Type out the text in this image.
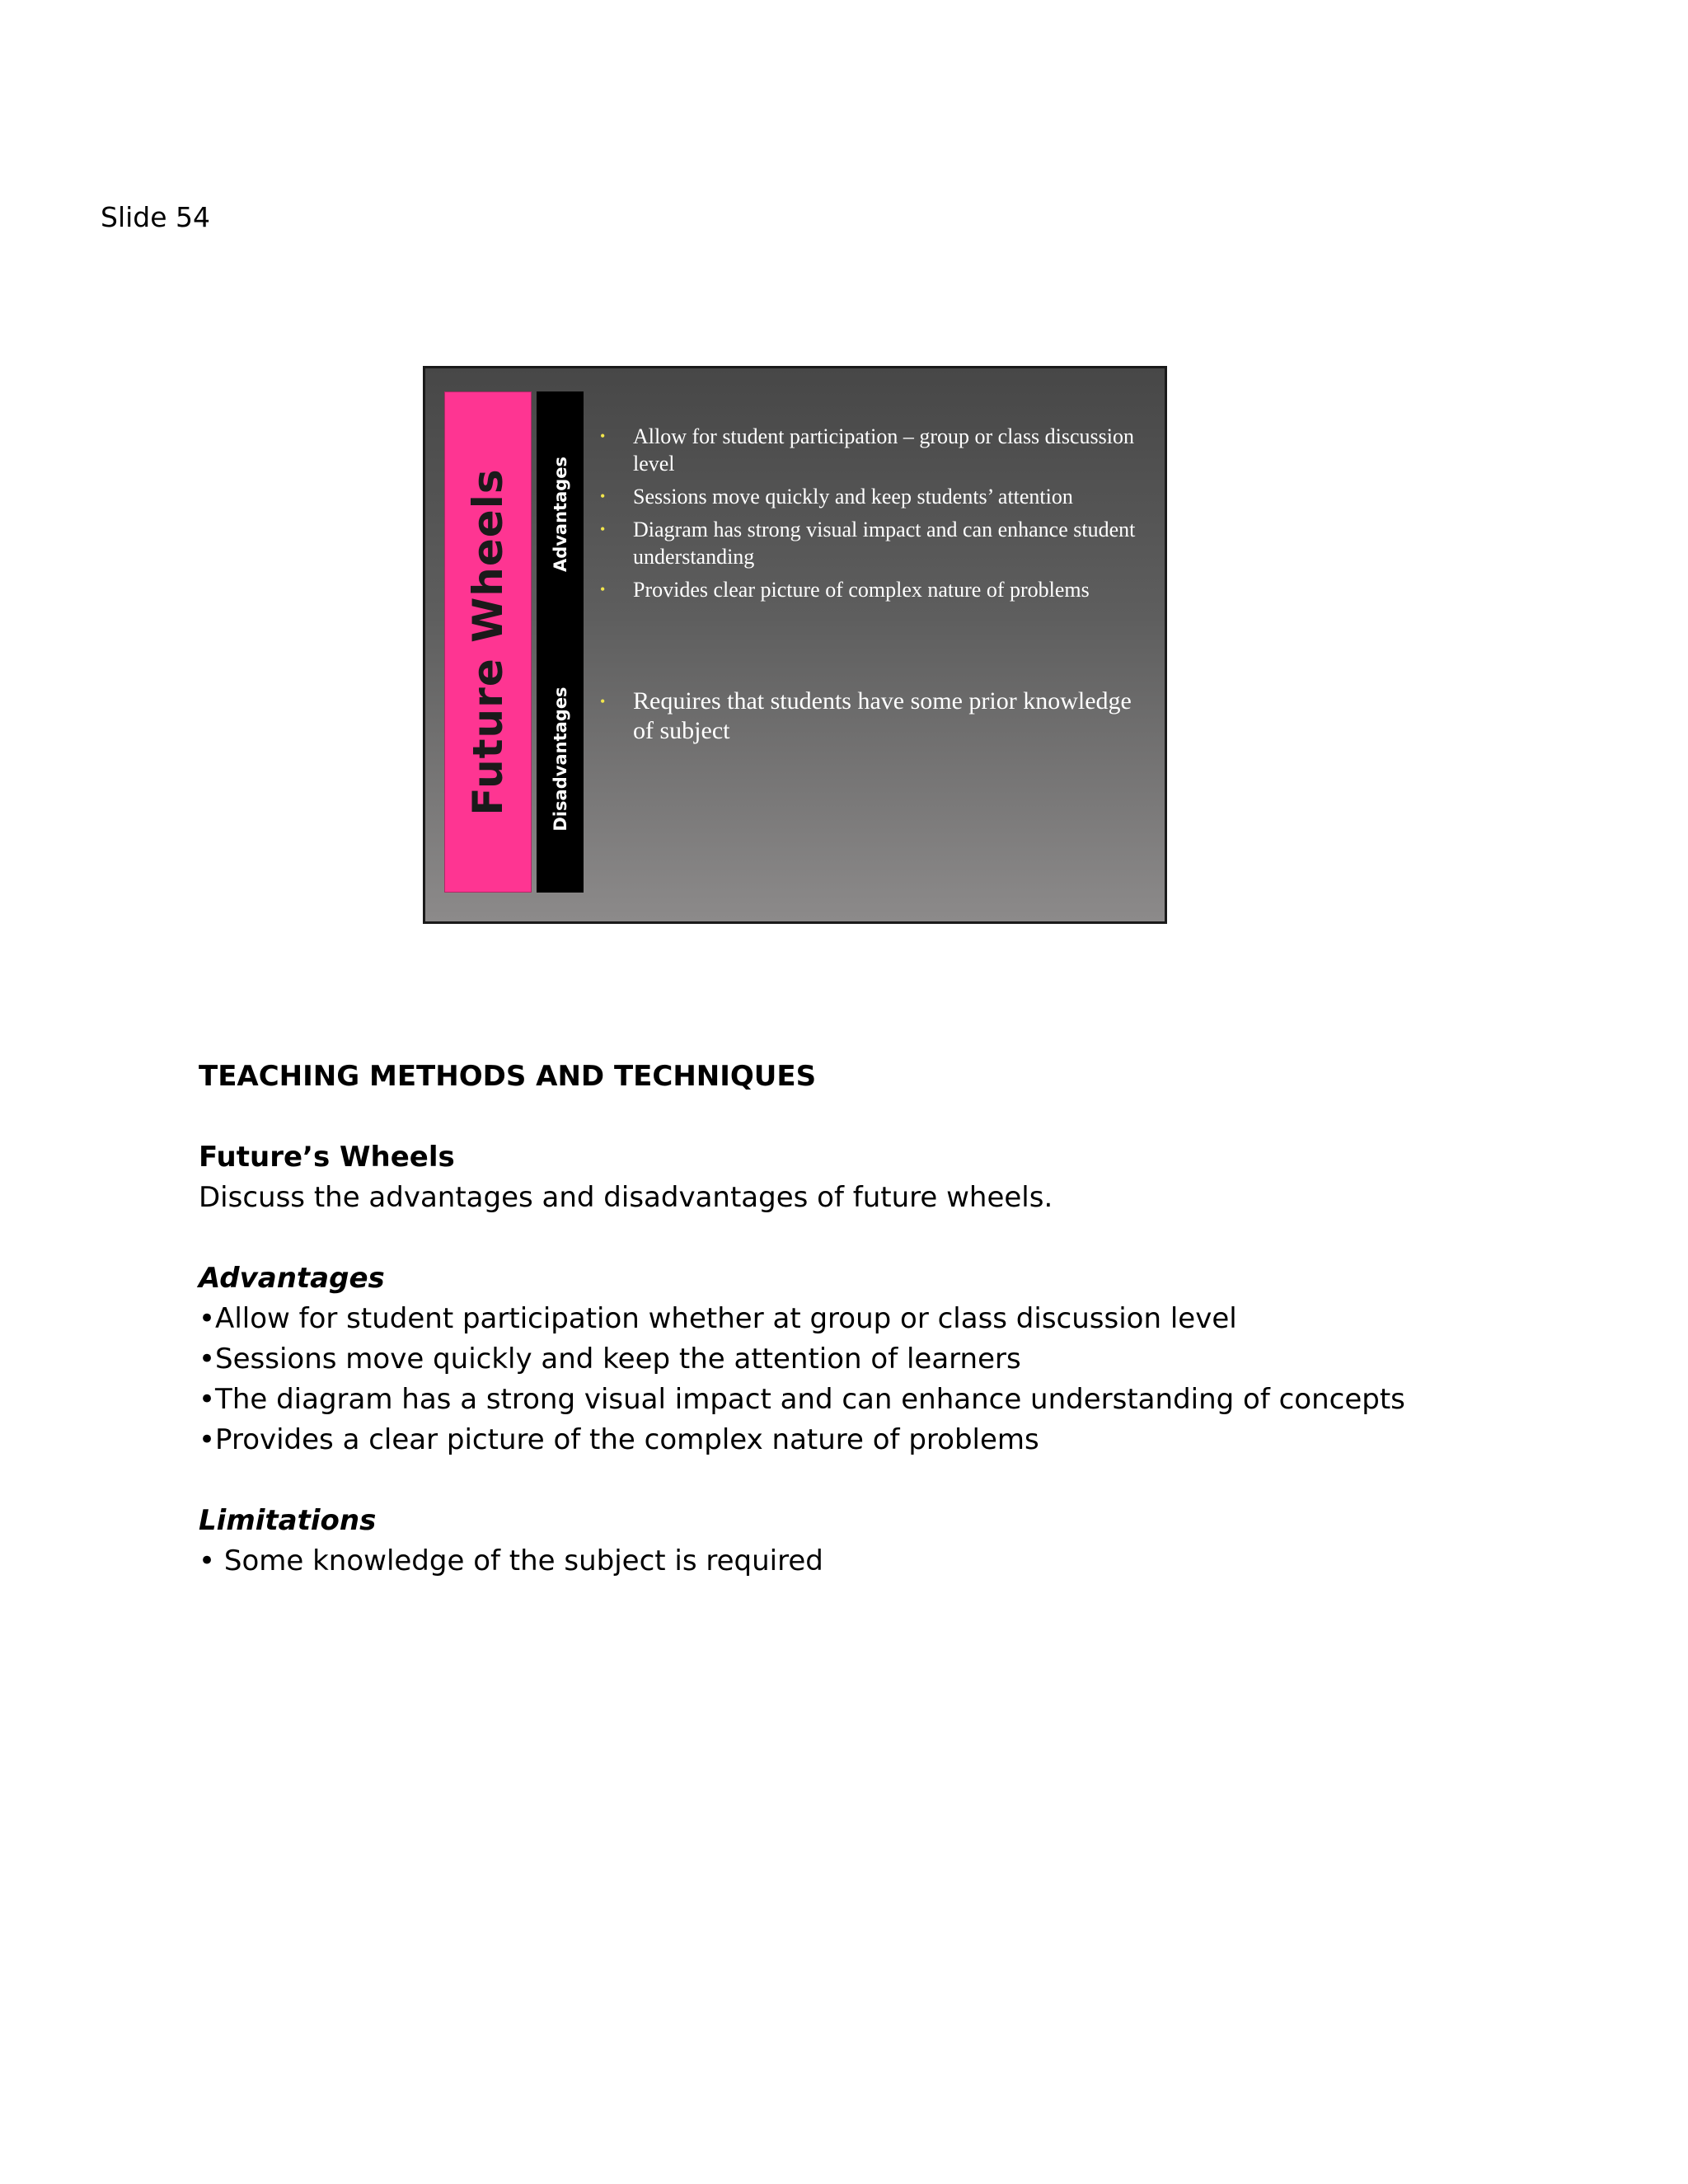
Slide 54
Future Wheels Advantages
Disadvantages
• Allow for student participation – group or class discussion level
• Sessions move quickly and keep students’ attention
• Diagram has strong visual impact and can enhance student understanding
• Provides clear picture of complex nature of problems
• Requires that students have some prior knowledge of subject

TEACHING METHODS AND TECHNIQUES

Future’s Wheels

Discuss the advantages and disadvantages of future wheels.

Advantages

•Allow for student participation whether at group or class discussion level
•Sessions move quickly and keep the attention of learners
•The diagram has a strong visual impact and can enhance understanding of concepts
•Provides a clear picture of the complex nature of problems

Limitations

• Some knowledge of the subject is required
